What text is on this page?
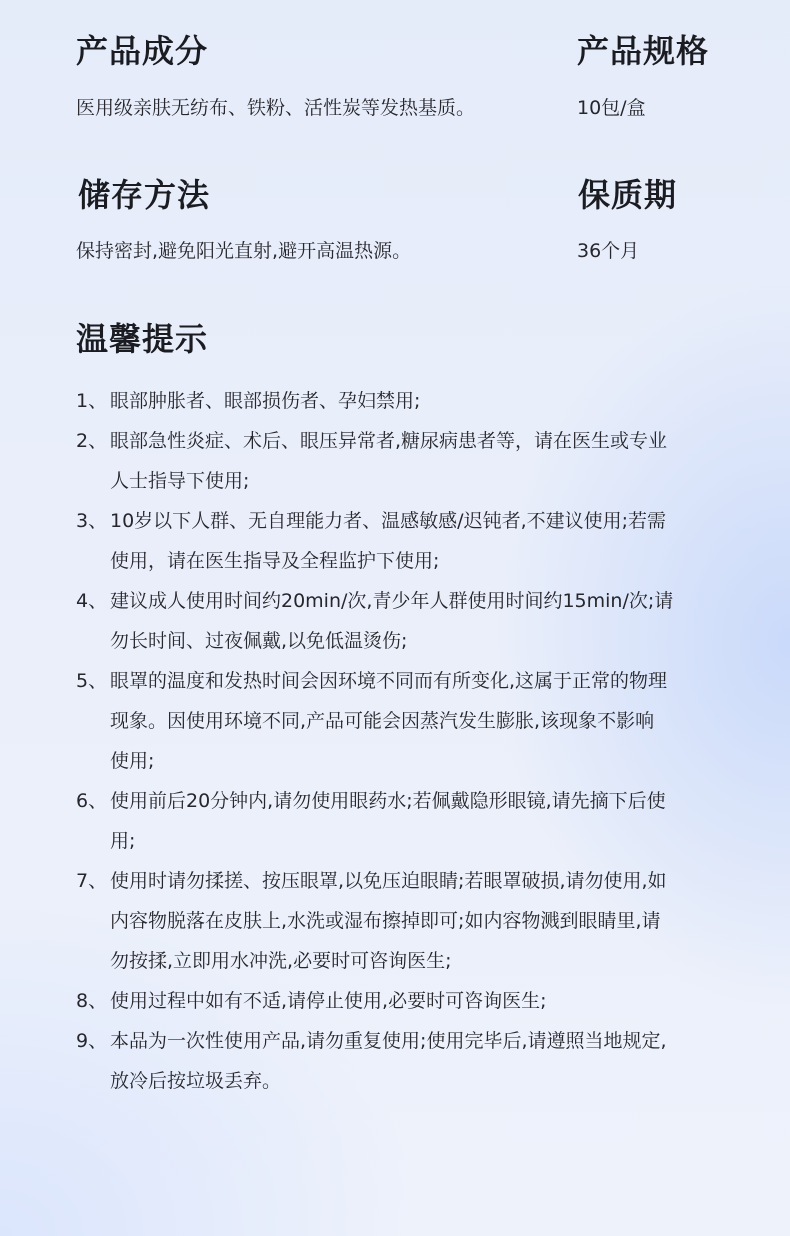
产品成分

医用级亲肤无纺布、铁粉、活性炭等发热基质。

产品规格

10包/盒

储存方法

保持密封,避免阳光直射,避开高温热源。

保质期

36个月

温馨提示
1、 眼部肿胀者、眼部损伤者、孕妇禁用;
2、 眼部急性炎症、术后、眼压异常者,糖尿病患者等，请在医生或专业
人士指导下使用;
3、 10岁以下人群、无自理能力者、温感敏感/迟钝者,不建议使用;若需
使用，请在医生指导及全程监护下使用;
4、 建议成人使用时间约20min/次,青少年人群使用时间约15min/次;请
勿长时间、过夜佩戴,以免低温烫伤;
5、 眼罩的温度和发热时间会因环境不同而有所变化,这属于正常的物理
现象。因使用环境不同,产品可能会因蒸汽发生膨胀,该现象不影响
使用;
6、 使用前后20分钟内,请勿使用眼药水;若佩戴隐形眼镜,请先摘下后使
用;
7、 使用时请勿揉搓、按压眼罩,以免压迫眼睛;若眼罩破损,请勿使用,如
内容物脱落在皮肤上,水洗或湿布擦掉即可;如内容物溅到眼睛里,请
勿按揉,立即用水冲洗,必要时可咨询医生;
8、 使用过程中如有不适,请停止使用,必要时可咨询医生;
9、 本品为一次性使用产品,请勿重复使用;使用完毕后,请遵照当地规定,
放冷后按垃圾丢弃。
